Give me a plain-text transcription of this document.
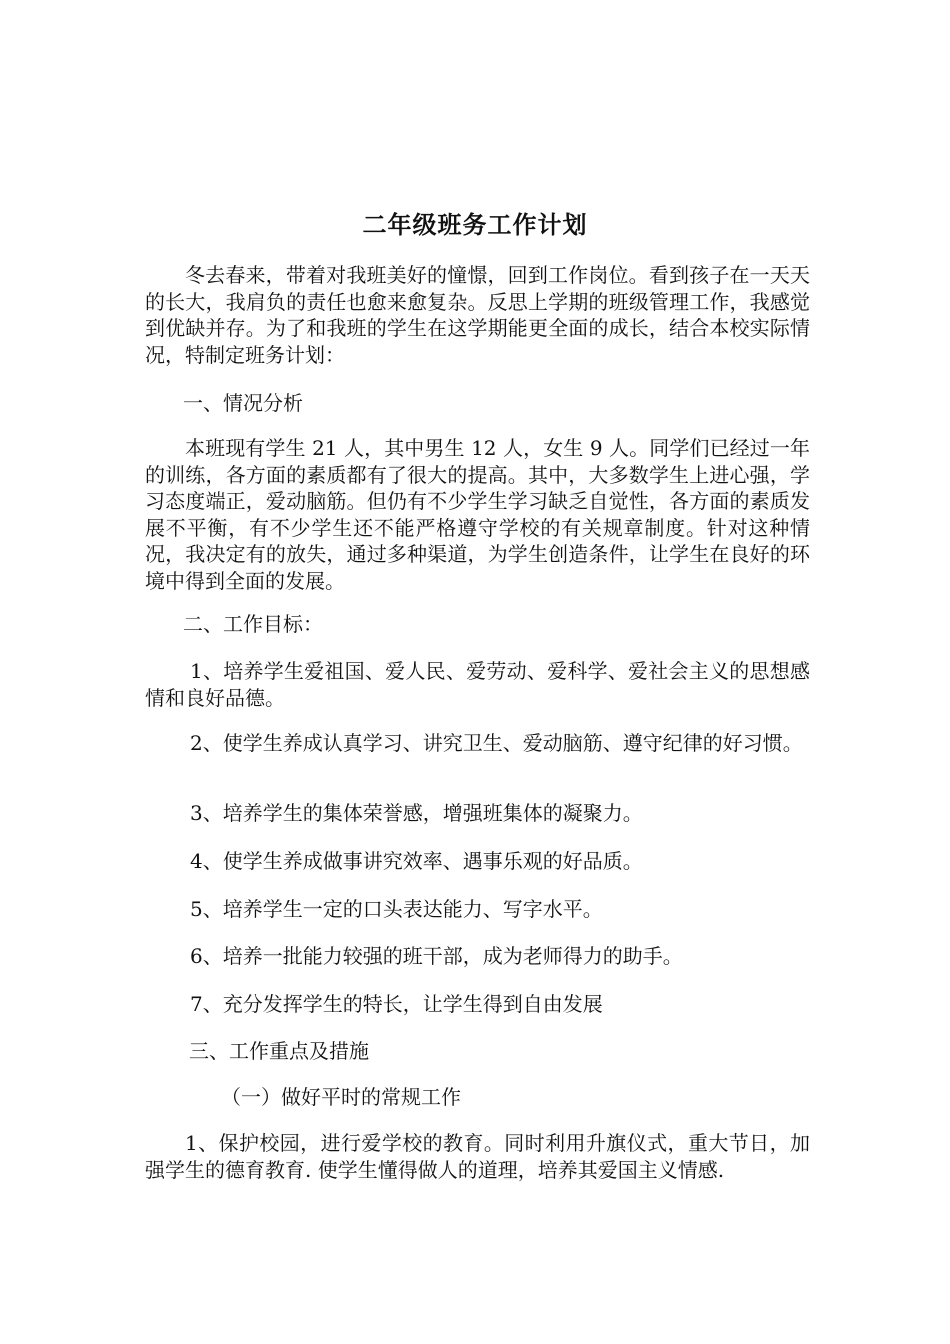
二年级班务工作计划

冬去春来，带着对我班美好的憧憬，回到工作岗位。看到孩子在一天天的长大，我肩负的责任也愈来愈复杂。反思上学期的班级管理工作，我感觉到优缺并存。为了和我班的学生在这学期能更全面的成长，结合本校实际情况，特制定班务计划：

一、情况分析

本班现有学生 21 人，其中男生 12 人，女生 9 人。同学们已经过一年的训练，各方面的素质都有了很大的提高。其中，大多数学生上进心强，学习态度端正，爱动脑筋。但仍有不少学生学习缺乏自觉性，各方面的素质发展不平衡，有不少学生还不能严格遵守学校的有关规章制度。针对这种情况，我决定有的放失，通过多种渠道，为学生创造条件，让学生在良好的环境中得到全面的发展。

二、工作目标：

1、培养学生爱祖国、爱人民、爱劳动、爱科学、爱社会主义的思想感情和良好品德。

2、使学生养成认真学习、讲究卫生、爱动脑筋、遵守纪律的好习惯。

3、培养学生的集体荣誉感，增强班集体的凝聚力。

4、使学生养成做事讲究效率、遇事乐观的好品质。

5、培养学生一定的口头表达能力、写字水平。

6、培养一批能力较强的班干部，成为老师得力的助手。

7、充分发挥学生的特长，让学生得到自由发展

三、工作重点及措施

（一）做好平时的常规工作

1、保护校园，进行爱学校的教育。同时利用升旗仪式，重大节日，加强学生的德育教育. 使学生懂得做人的道理，培养其爱国主义情感.
